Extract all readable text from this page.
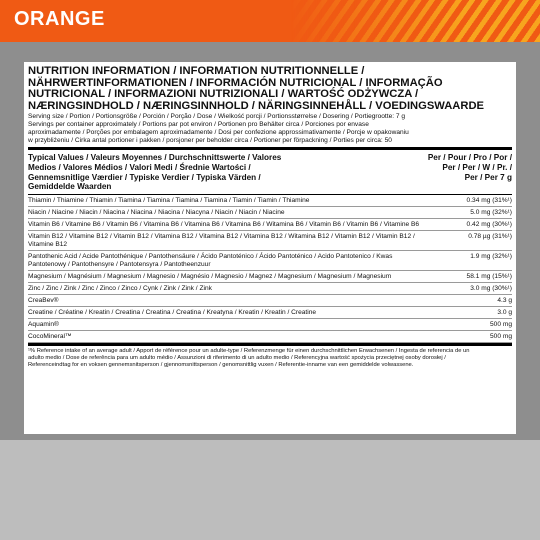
ORANGE
NUTRITION INFORMATION / INFORMATION NUTRITIONNELLE /
NÄHRWERTINFORMATIONEN / INFORMACIÓN NUTRICIONAL / INFORMAÇÃO
NUTRICIONAL / INFORMAZIONI NUTRIZIONALI / WARTOŚĆ ODŻYWCZA /
NÆRINGSINDHOLD / NÆRINGSINNHOLD / NÄRINGSINNEHÅLL / VOEDINGSWAARDE
Serving size / Portion / Portionsgröße / Porción / Porção / Dose / Wielkość porcji / Portionsstørrelse / Dosering / Portiegrootte: 7 g
Servings per container approximately / Portions par pot environ / Portionen pro Behälter circa / Porciones por envase
aproximadamente / Porções por embalagem aproximadamente / Dosi per confezione approssimativamente / Porcje w opakowaniu
w przybliżeniu / Cirka antal portioner i pakken / porsjoner per beholder circa / Portioner per förpackning / Porties per circa: 50
Typical Values / Valeurs Moyennes / Durchschnittswerte / Valores
Medios / Valores Médios / Valori Medi / Średnie Wartości /
Gennemsnitlige Værdier / Typiske Verdier / Typiska Värden /
Gemiddelde Waarden
Per / Pour / Pro / Por /
Per / Per / W / Pr. /
Per / Per 7 g
Thiamin / Thiamine / Thiamin / Tiamina / Tiamina / Tiamina / Tiamina / Tiamin / Tiamin / Thiamine	0.34 mg (31%¹)
Niacin / Niacine / Niacin / Niacina / Niacina / Niacina / Niacyna / Niacin / Niacin / Niacine	5.0 mg (32%¹)
Vitamin B6 / Vitamine B6 / Vitamin B6 / Vitamina B6 / Vitamina B6 / Vitamina B6 / Witamina B6 / Vitamin B6 / Vitamin B6 / Vitamine B6	0.42 mg (30%¹)
Vitamin B12 / Vitamine B12 / Vitamin B12 / Vitamina B12 / Vitamina B12 / Vitamina B12 / Witamina B12 / Vitamin B12 / Vitamin B12 / Vitamine B12
0.78 µg (31%¹)
Pantothenic Acid / Acide Pantothénique / Pantothensäure / Ácido Pantoténico / Ácido Pantoténico / Acido Pantotenico / Kwas Pantotenowy / Pantothensyre / Pantotensyra / Pantotheenzuur
1.9 mg (32%¹)
Magnesium / Magnésium / Magnesium / Magnesio / Magnésio / Magnesio / Magnez / Magnesium / Magnesium / Magnesium	58.1 mg (15%¹)
Zinc / Zinc / Zink / Zinc / Zinco / Zinco / Cynk / Zink / Zink / Zink	3.0 mg (30%¹)
CreaBev®	4.3 g
Creatine / Créatine / Kreatin / Creatina / Creatina / Creatina / Kreatyna / Kreatin / Kreatin / Creatine	3.0 g
Aquamin®	500 mg
CocoMineral™	500 mg
¹% Reference intake of an average adult / Apport de référence pour un adulte-type / Referenzmenge für einen durchschnittlichen Erwachsenen / Ingesta de referencia de un
adulto medio / Dose de referência para um adulto médio / Assunzioni di riferimento di un adulto medio / Referencyjna wartość spożycia przeciętnej osoby dorosłej /
Referenceindtag for en voksen gennemsnitsperson / gjennomsnittsperson / genomsnittlig vuxen / Referentie-inname van een gemiddelde volwassene.
